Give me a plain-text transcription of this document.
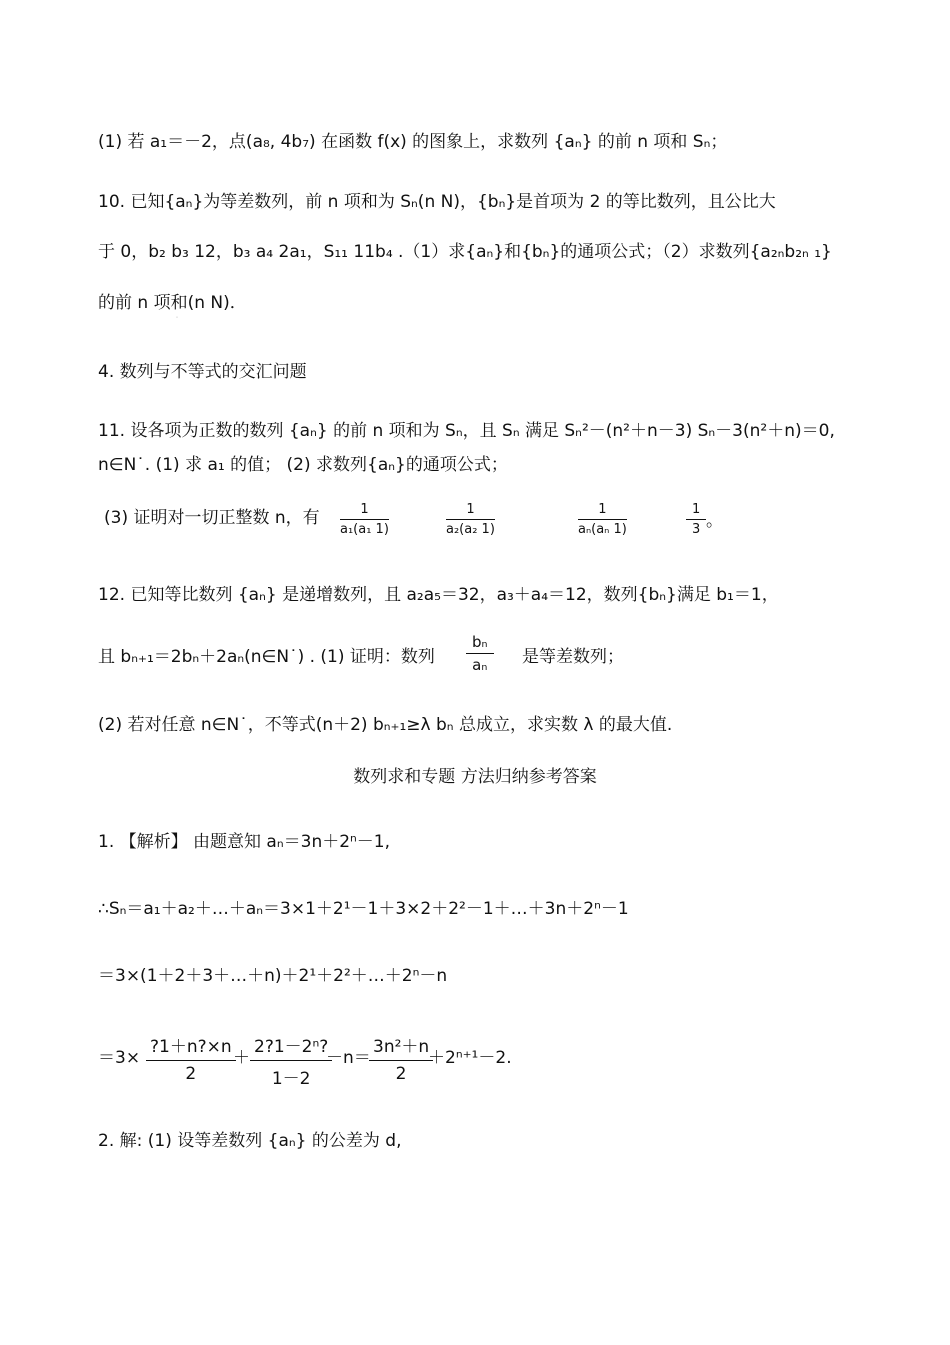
(1) 若 a₁＝－2，点(a₈, 4b₇) 在函数 f(x) 的图象上，求数列 {aₙ} 的前 n 项和 Sₙ；
10. 已知{aₙ}为等差数列，前 n 项和为 Sₙ(n N)，{bₙ}是首项为 2 的等比数列，且公比大
于 0，b₂ b₃ 12，b₃ a₄ 2a₁，S₁₁ 11b₄ .（1）求{aₙ}和{bₙ}的通项公式；（2）求数列{a₂ₙb₂ₙ ₁}
的前 n 项和(n N)．
˙
4. 数列与不等式的交汇问题
11. 设各项为正数的数列 {aₙ} 的前 n 项和为 Sₙ，且 Sₙ 满足 Sₙ²－(n²＋n－3) Sₙ－3(n²＋n)＝0,
n∈N˙. (1) 求 a₁ 的值； (2) 求数列{aₙ}的通项公式；
(3) 证明对一切正整数 n，有 $\frac{1}{\text{a₁(a₁ 1)}}$	$\frac{1}{\text{a₂(a₂ 1)}}$	$\frac{1}{\text{aₙ(aₙ 1)}}$	$\frac{1}{3}$ 。
12. 已知等比数列 {aₙ} 是递增数列，且 a₂a₅＝32，a₃＋a₄＝12，数列{bₙ}满足 b₁＝1，
且 bₙ₊₁＝2bₙ＋2aₙ(n∈N˙) . (1) 证明：数列 $\frac{\text{bₙ}}{\text{aₙ}}$ 是等差数列；
(2) 若对任意 n∈N˙，不等式(n＋2) bₙ₊₁≥λ bₙ 总成立，求实数 λ 的最大值.
数列求和专题 方法归纳参考答案
1. 【解析】 由题意知 aₙ＝3n＋2ⁿ－1,
∴Sₙ＝a₁＋a₂＋…＋aₙ＝3×1＋2¹－1＋3×2＋2²－1＋…＋3n＋2ⁿ－1
＝3×(1＋2＋3＋…＋n)＋2¹＋2²＋…＋2ⁿ－n
$=3\times \frac{?1+n?\times n}{2}$
＋ $\frac{\text{2?1－2ⁿ?}}{1-2}$
－n＝
$\frac{\text{3n²＋n}}{2}$
＋2ⁿ⁺¹－2.
2. 解: (1) 设等差数列 {aₙ} 的公差为 d,
